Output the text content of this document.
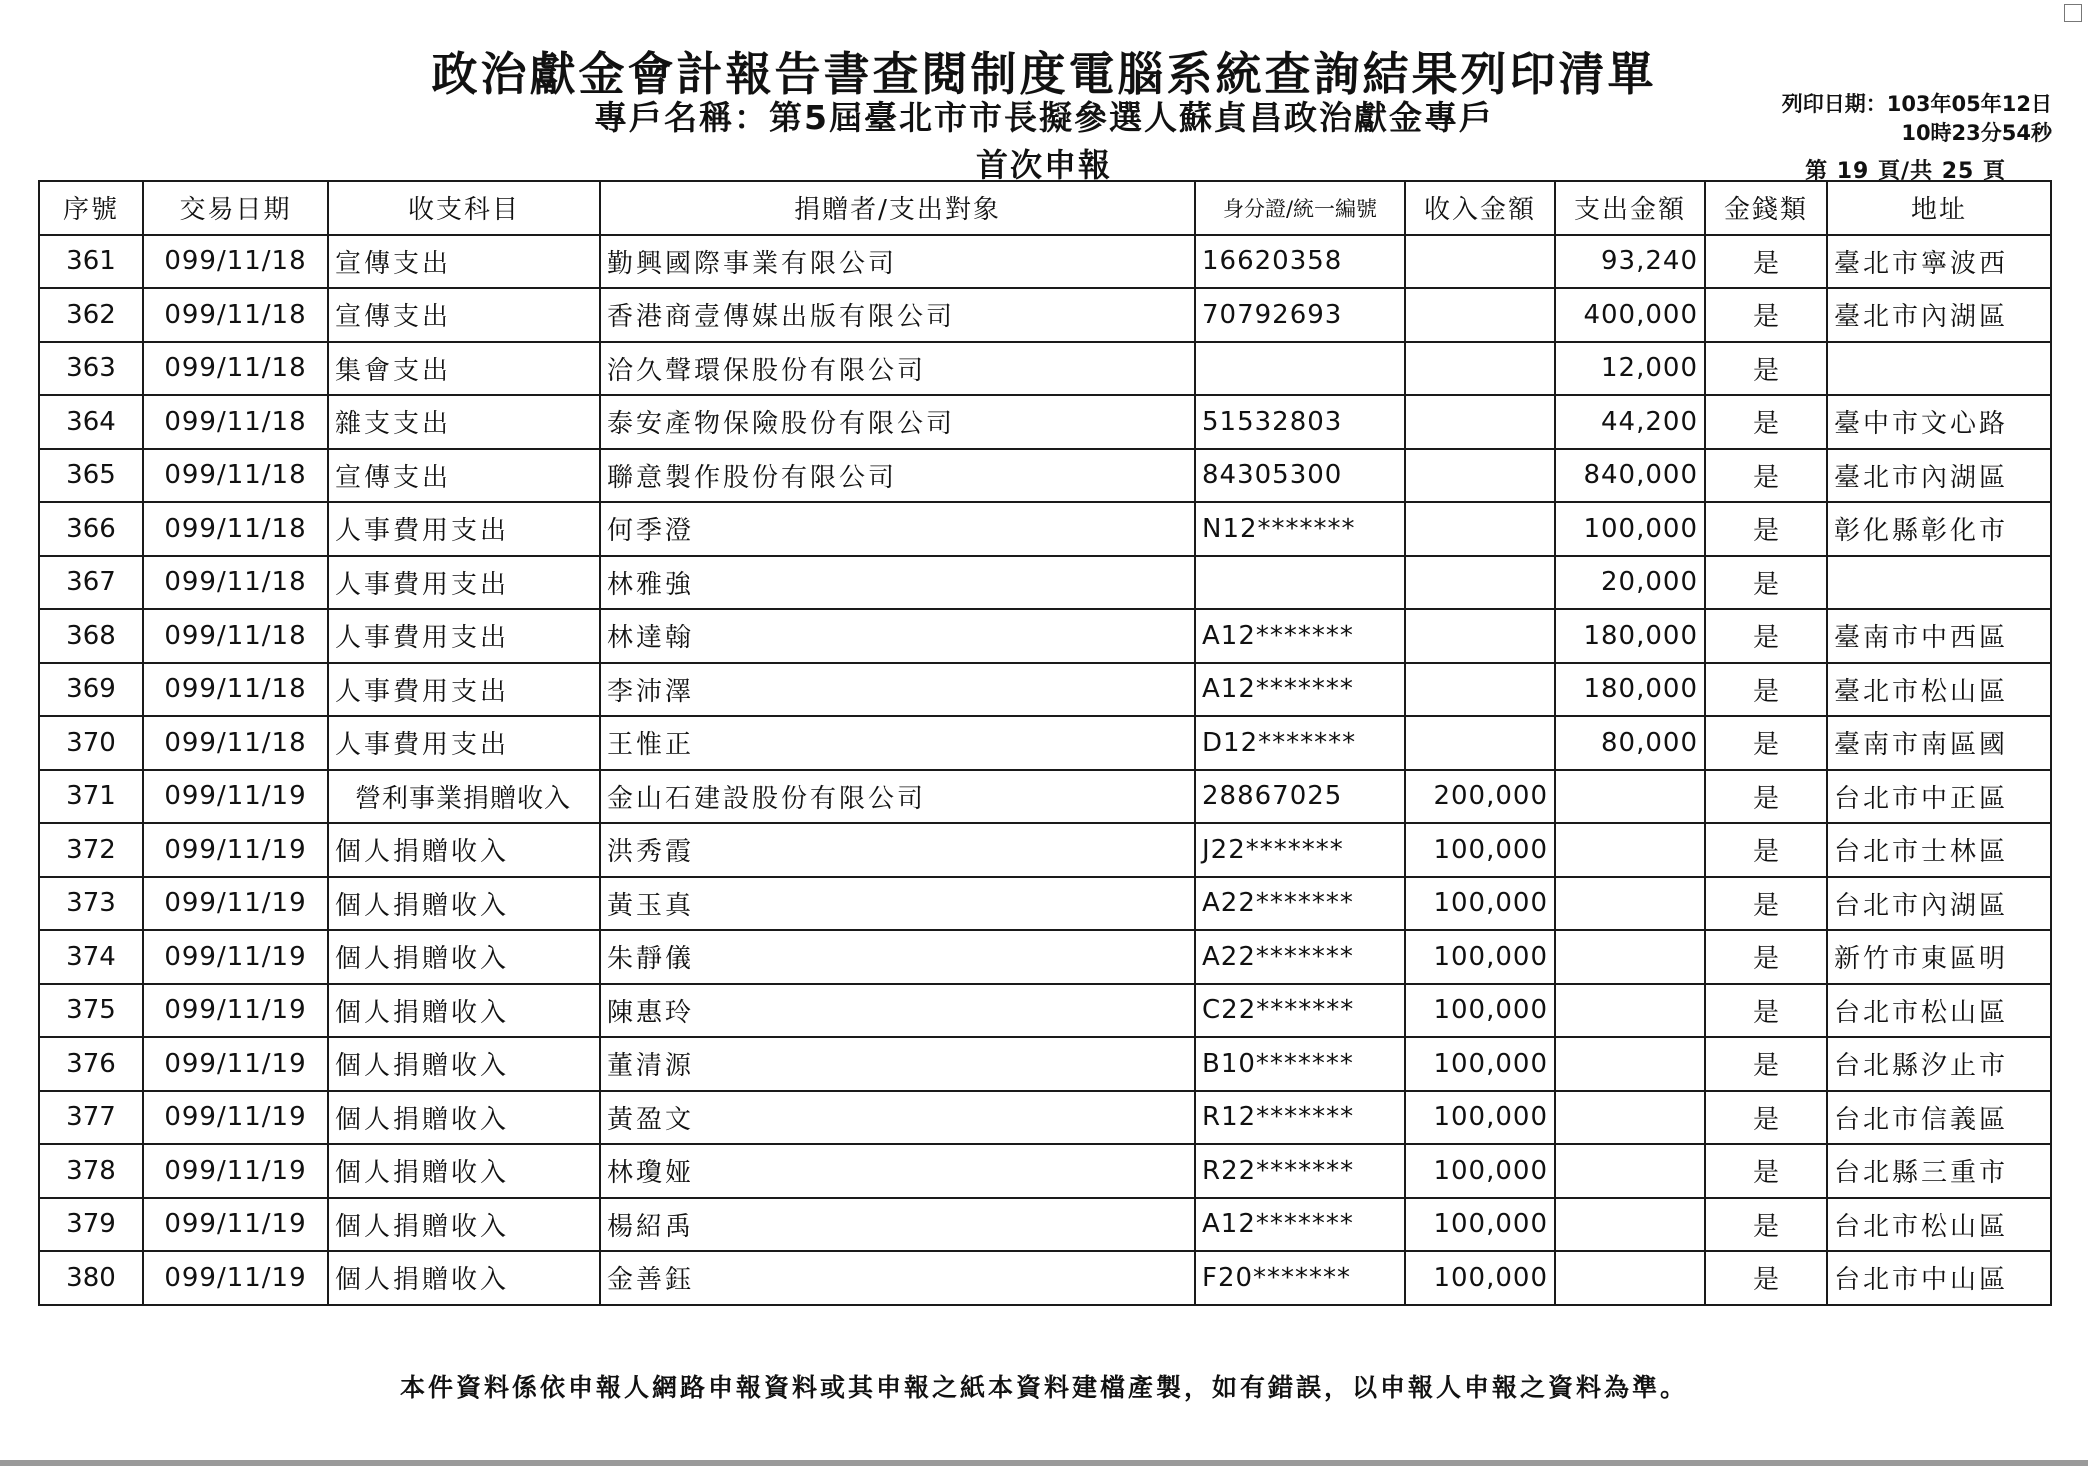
政治獻金會計報告書查閱制度電腦系統查詢結果列印清單
專戶名稱：第5屆臺北市市長擬參選人蘇貞昌政治獻金專戶	列印日期：103年05年12日
10時23分54秒
首次申報	第 19 頁/共 25 頁
序號	交易日期	收支科目	捐贈者/支出對象	身分證/統一編號	收入金額	支出金額	金錢類	地址
361	099/11/18	宣傳支出	勤興國際事業有限公司	16620358		93,240	是	臺北市寧波西
362	099/11/18	宣傳支出	香港商壹傳媒出版有限公司	70792693		400,000	是	臺北市內湖區
363	099/11/18	集會支出	洽久聲環保股份有限公司			12,000	是	
364	099/11/18	雜支支出	泰安產物保險股份有限公司	51532803		44,200	是	臺中市文心路
365	099/11/18	宣傳支出	聯意製作股份有限公司	84305300		840,000	是	臺北市內湖區
366	099/11/18	人事費用支出	何季澄	N12*******		100,000	是	彰化縣彰化市
367	099/11/18	人事費用支出	林雅強			20,000	是	
368	099/11/18	人事費用支出	林達翰	A12*******		180,000	是	臺南市中西區
369	099/11/18	人事費用支出	李沛澤	A12*******		180,000	是	臺北市松山區
370	099/11/18	人事費用支出	王惟正	D12*******		80,000	是	臺南市南區國
371	099/11/19	營利事業捐贈收入	金山石建設股份有限公司	28867025	200,000		是	台北市中正區
372	099/11/19	個人捐贈收入	洪秀霞	J22*******	100,000		是	台北市士林區
373	099/11/19	個人捐贈收入	黃玉真	A22*******	100,000		是	台北市內湖區
374	099/11/19	個人捐贈收入	朱靜儀	A22*******	100,000		是	新竹市東區明
375	099/11/19	個人捐贈收入	陳惠玲	C22*******	100,000		是	台北市松山區
376	099/11/19	個人捐贈收入	董清源	B10*******	100,000		是	台北縣汐止市
377	099/11/19	個人捐贈收入	黃盈文	R12*******	100,000		是	台北市信義區
378	099/11/19	個人捐贈收入	林瓊娅	R22*******	100,000		是	台北縣三重市
379	099/11/19	個人捐贈收入	楊紹禹	A12*******	100,000		是	台北市松山區
380	099/11/19	個人捐贈收入	金善鈺	F20*******	100,000		是	台北市中山區
本件資料係依申報人網路申報資料或其申報之紙本資料建檔產製，如有錯誤，以申報人申報之資料為準。
